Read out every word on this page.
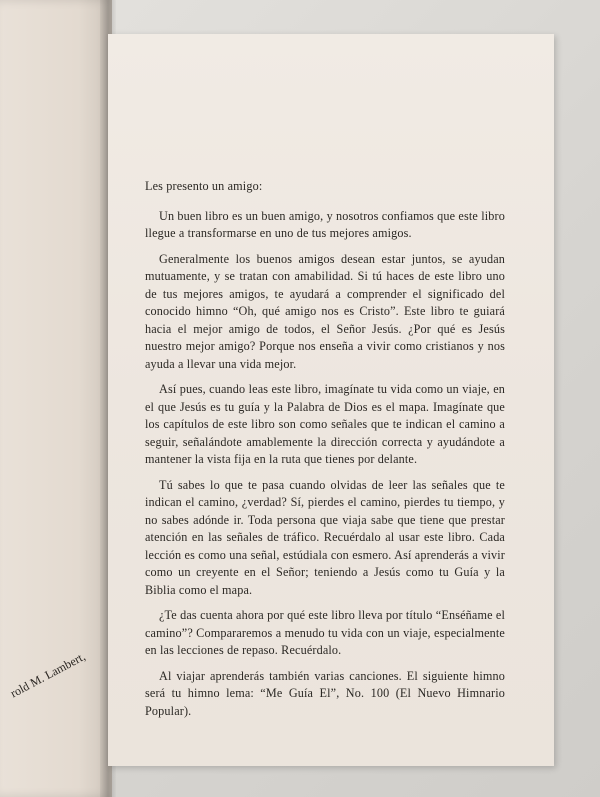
rold M. Lambert,

Les presento un amigo:

Un buen libro es un buen amigo, y nosotros confiamos que este libro llegue a transformarse en uno de tus mejores amigos.

Generalmente los buenos amigos desean estar juntos, se ayudan mutuamente, y se tratan con amabilidad. Si tú haces de este libro uno de tus mejores amigos, te ayudará a comprender el significado del conocido himno “Oh, qué amigo nos es Cristo”. Este libro te guiará hacia el mejor amigo de todos, el Señor Jesús. ¿Por qué es Jesús nuestro mejor amigo? Porque nos enseña a vivir como cristianos y nos ayuda a llevar una vida mejor.

Así pues, cuando leas este libro, imagínate tu vida como un viaje, en el que Jesús es tu guía y la Palabra de Dios es el mapa. Imagínate que los capítulos de este libro son como señales que te indican el camino a seguir, señalándote amablemente la dirección correcta y ayudándote a mantener la vista fija en la ruta que tienes por delante.

Tú sabes lo que te pasa cuando olvidas de leer las señales que te indican el camino, ¿verdad? Sí, pierdes el camino, pierdes tu tiempo, y no sabes adónde ir. Toda persona que viaja sabe que tiene que prestar atención en las señales de tráfico. Recuérdalo al usar este libro. Cada lección es como una señal, estúdiala con esmero. Así aprenderás a vivir como un creyente en el Señor; teniendo a Jesús como tu Guía y la Biblia como el mapa.

¿Te das cuenta ahora por qué este libro lleva por título “Enséñame el camino”? Compararemos a menudo tu vida con un viaje, especialmente en las lecciones de repaso. Recuérdalo.

Al viajar aprenderás también varias canciones. El siguiente himno será tu himno lema: “Me Guía El”, No. 100 (El Nuevo Himnario Popular).
